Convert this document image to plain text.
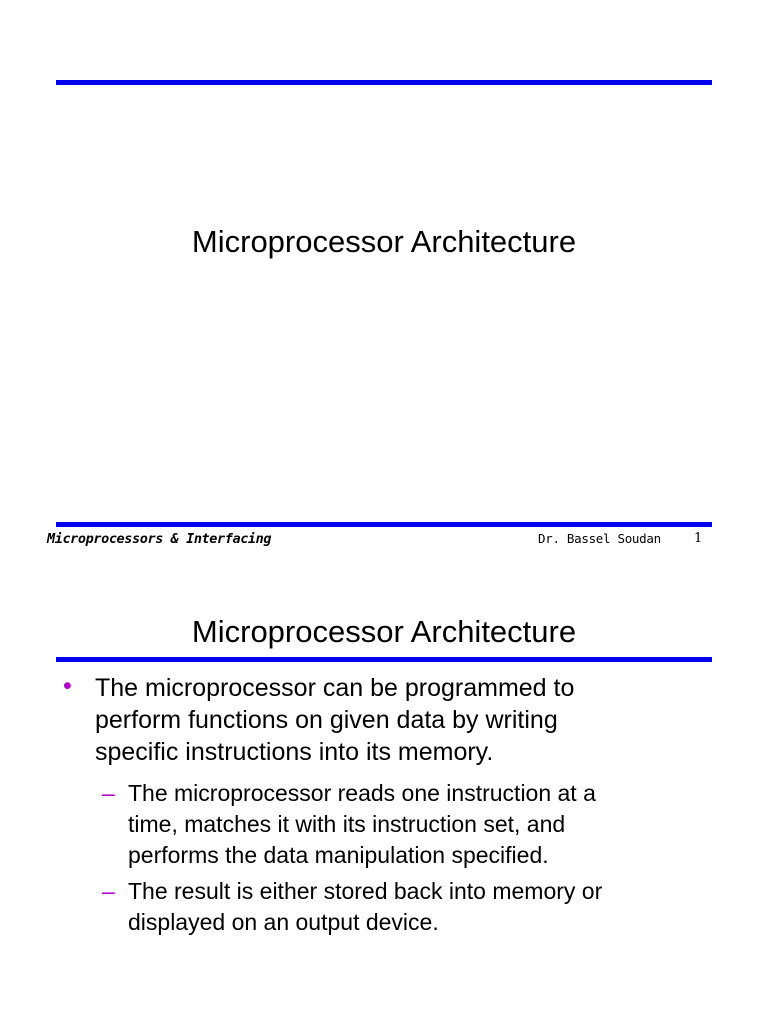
Microprocessor Architecture
Microprocessors & Interfacing	Dr. Bassel Soudan	1
Microprocessor Architecture
• The microprocessor can be programmed to
perform functions on given data by writing
specific instructions into its memory.
– The microprocessor reads one instruction at a
time, matches it with its instruction set, and
performs the data manipulation specified.
– The result is either stored back into memory or
displayed on an output device.
